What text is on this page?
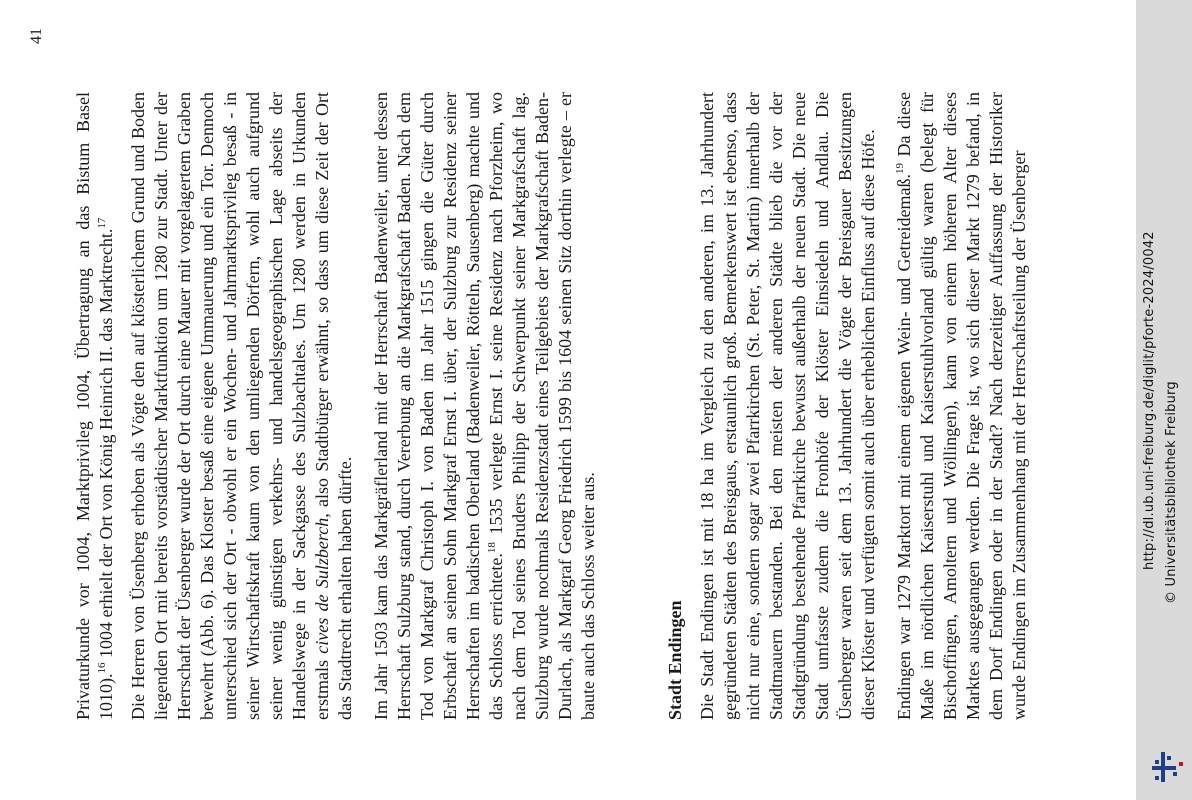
41

Privaturkunde vor 1004, Marktprivileg 1004, Übertragung an das Bistum Basel 1010).$^{16}$ 1004 erhielt der Ort von König Heinrich II. das Marktrecht.$^{17}$	Die Herren von Üsenberg erhoben als Vögte den auf klösterlichem Grund und Boden liegenden Ort mit bereits vorstädtischer Marktfunktion um 1280 zur Stadt. Unter der Herrschaft der Üsenberger wurde der Ort durch eine Mauer mit vorgelagertem Graben bewehrt (Abb. 6). Das Kloster besaß eine eigene Ummauerung und ein Tor. Dennoch unterschied sich der Ort - obwohl er ein Wochen- und Jahrmarktsprivileg besaß - in seiner Wirtschaftskraft kaum von den umliegenden Dörfern, wohl auch aufgrund seiner wenig günstigen verkehrs- und handelsgeographischen Lage abseits der Handelswege in der Sackgasse des Sulzbachtales. Um 1280 werden in Urkunden erstmals cives de Sulzberch, also Stadtbürger erwähnt, so dass um diese Zeit der Ort das Stadtrecht erhalten haben dürfte. Im Jahr 1503 kam das Markgräflerland mit der Herrschaft Badenweiler, unter dessen Herrschaft Sulzburg stand, durch Vererbung an die Markgrafschaft Baden. Nach dem Tod von Markgraf Christoph I. von Baden im Jahr 1515 gingen die Güter durch Erbschaft an seinen Sohn Markgraf Ernst I. über, der Sulzburg zur Residenz seiner Herrschaften im badischen Oberland (Badenweiler, Rötteln, Sausenberg) machte und das Schloss errichtete.$^{18}$ 1535 verlegte Ernst I. seine Residenz nach Pforzheim, wo nach dem Tod seines Bruders Philipp der Schwerpunkt seiner Markgrafschaft lag. Sulzburg wurde nochmals Residenzstadt eines Teilgebiets der Markgrafschaft Baden-Durlach, als Markgraf Georg Friedrich 1599 bis 1604 seinen Sitz dorthin verlegte – er baute auch das Schloss weiter aus.	Stadt Endingen Die Stadt Endingen ist mit 18 ha im Vergleich zu den anderen, im 13. Jahrhundert gegründeten Städten des Breisgaus, erstaunlich groß. Bemerkenswert ist ebenso, dass nicht nur eine, sondern sogar zwei Pfarrkirchen (St. Peter, St. Martin) innerhalb der Stadtmauern bestanden. Bei den meisten der anderen Städte blieb die vor der Stadtgründung bestehende Pfarrkirche bewusst außerhalb der neuen Stadt. Die neue Stadt umfasste zudem die Fronhöfe der Klöster Einsiedeln und Andlau. Die Üsenberger waren seit dem 13. Jahrhundert die Vögte der Breisgauer Besitzungen dieser Klöster und verfügten somit auch über erheblichen Einfluss auf diese Höfe. Endingen war 1279 Marktort mit einem eigenen Wein- und Getreidemaß.$^{19}$ Da diese Maße im nördlichen Kaiserstuhl und Kaiserstuhlvorland gültig waren (belegt für Bischoffingen, Amoltern und Wöllingen), kann von einem höheren Alter dieses Marktes ausgegangen werden. Die Frage ist, wo sich dieser Markt 1279 befand, in dem Dorf Endingen oder in der Stadt? Nach derzeitiger Auffassung der Historiker wurde Endingen im Zusammenhang mit der Herrschaftsteilung der Üsenberger	http://dl.ub.uni-freiburg.de/diglit/pforte-2024/0042 © Universitätsbibliothek Freiburg
